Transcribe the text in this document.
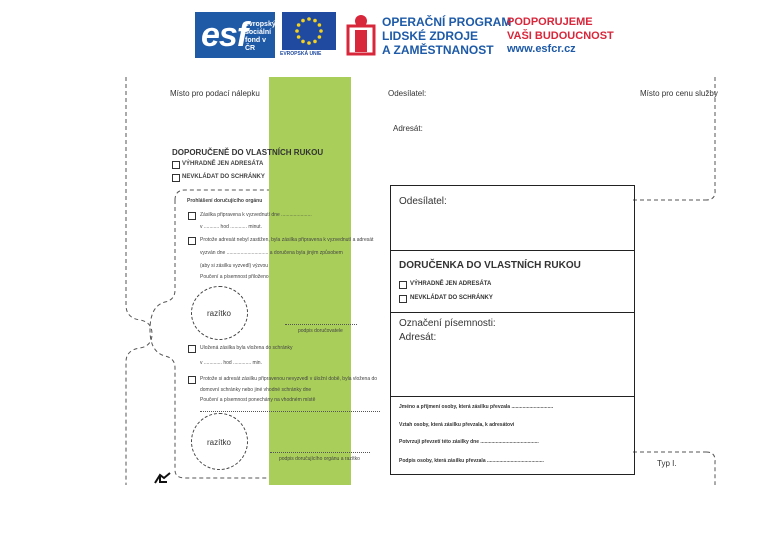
esf
evropský
sociální
fond v ČR
EVROPSKÁ UNIE
OPERAČNÍ PROGRAM
LIDSKÉ ZDROJE
A ZAMĚSTNANOST
PODPORUJEME
VAŠI BUDOUCNOST
www.esfcr.cz
Místo pro podací nálepku	Odesílatel:	Místo pro cenu služby
Adresát:
DOPORUČENĚ DO VLASTNÍCH RUKOU
VÝHRADNĚ JEN ADRESÁTA
NEVKLÁDAT DO SCHRÁNKY
Prohlášení doručujícího orgánu
Zásilka připravena k vyzvednutí dne ......................
v ........... hod ............ minut.
Protože adresát nebyl zastižen, byla zásilka připravena k vyzvednutí a adresát
vyzván dne .............................. a doručena byla jiným způsobem
(aby si zásilku vyzvedl) výzvou
Poučení a písemnost přiloženo
razítko
podpis doručovatele
Uložená zásilka byla vložena do schránky
v ............. hod ............. min.
Protože si adresát zásilku připravenou nevyzvedl v úložní době, byla vložena do
domovní schránky nebo jiné vhodné schránky dne
Poučení a písemnost ponechány na vhodném místě
razítko
podpis doručujícího orgánu a razítko
Odesílatel:
DORUČENKA DO VLASTNÍCH RUKOU
VÝHRADNĚ JEN ADRESÁTA
NEVKLÁDAT DO SCHRÁNKY
Označení písemnosti:
Adresát:
Jméno a příjmení osoby, která zásilku převzala ..............................
Vztah osoby, která zásilku převzala, k adresátovi
Potvrzuji převzetí této zásilky dne ..........................................
Podpis osoby, která zásilku převzala .........................................	Typ I.
